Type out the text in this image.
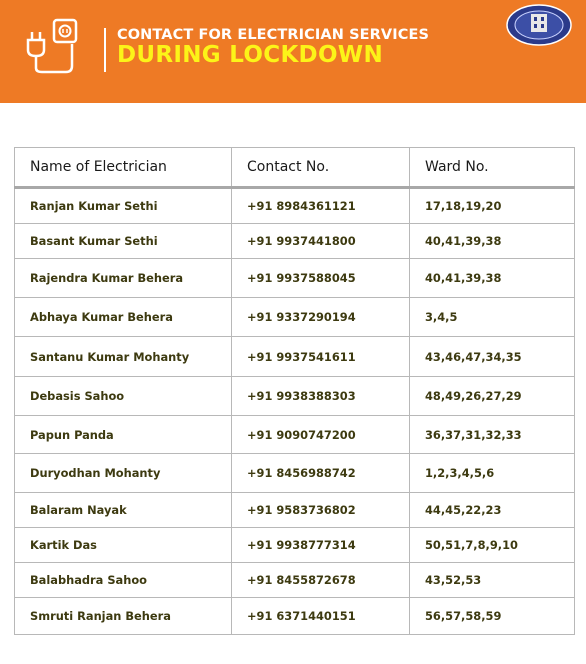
CONTACT FOR ELECTRICIAN SERVICES
DURING LOCKDOWN
Name of Electrician	Contact No.	Ward No.
Ranjan Kumar Sethi	+91 8984361121	17,18,19,20
Basant Kumar Sethi	+91 9937441800	40,41,39,38
Rajendra Kumar Behera	+91 9937588045	40,41,39,38
Abhaya Kumar Behera	+91 9337290194	3,4,5
Santanu Kumar Mohanty	+91 9937541611	43,46,47,34,35
Debasis Sahoo	+91 9938388303	48,49,26,27,29
Papun Panda	+91 9090747200	36,37,31,32,33
Duryodhan Mohanty	+91 8456988742	1,2,3,4,5,6
Balaram Nayak	+91 9583736802	44,45,22,23
Kartik Das	+91 9938777314	50,51,7,8,9,10
Balabhadra Sahoo	+91 8455872678	43,52,53
Smruti Ranjan Behera	+91 6371440151	56,57,58,59
